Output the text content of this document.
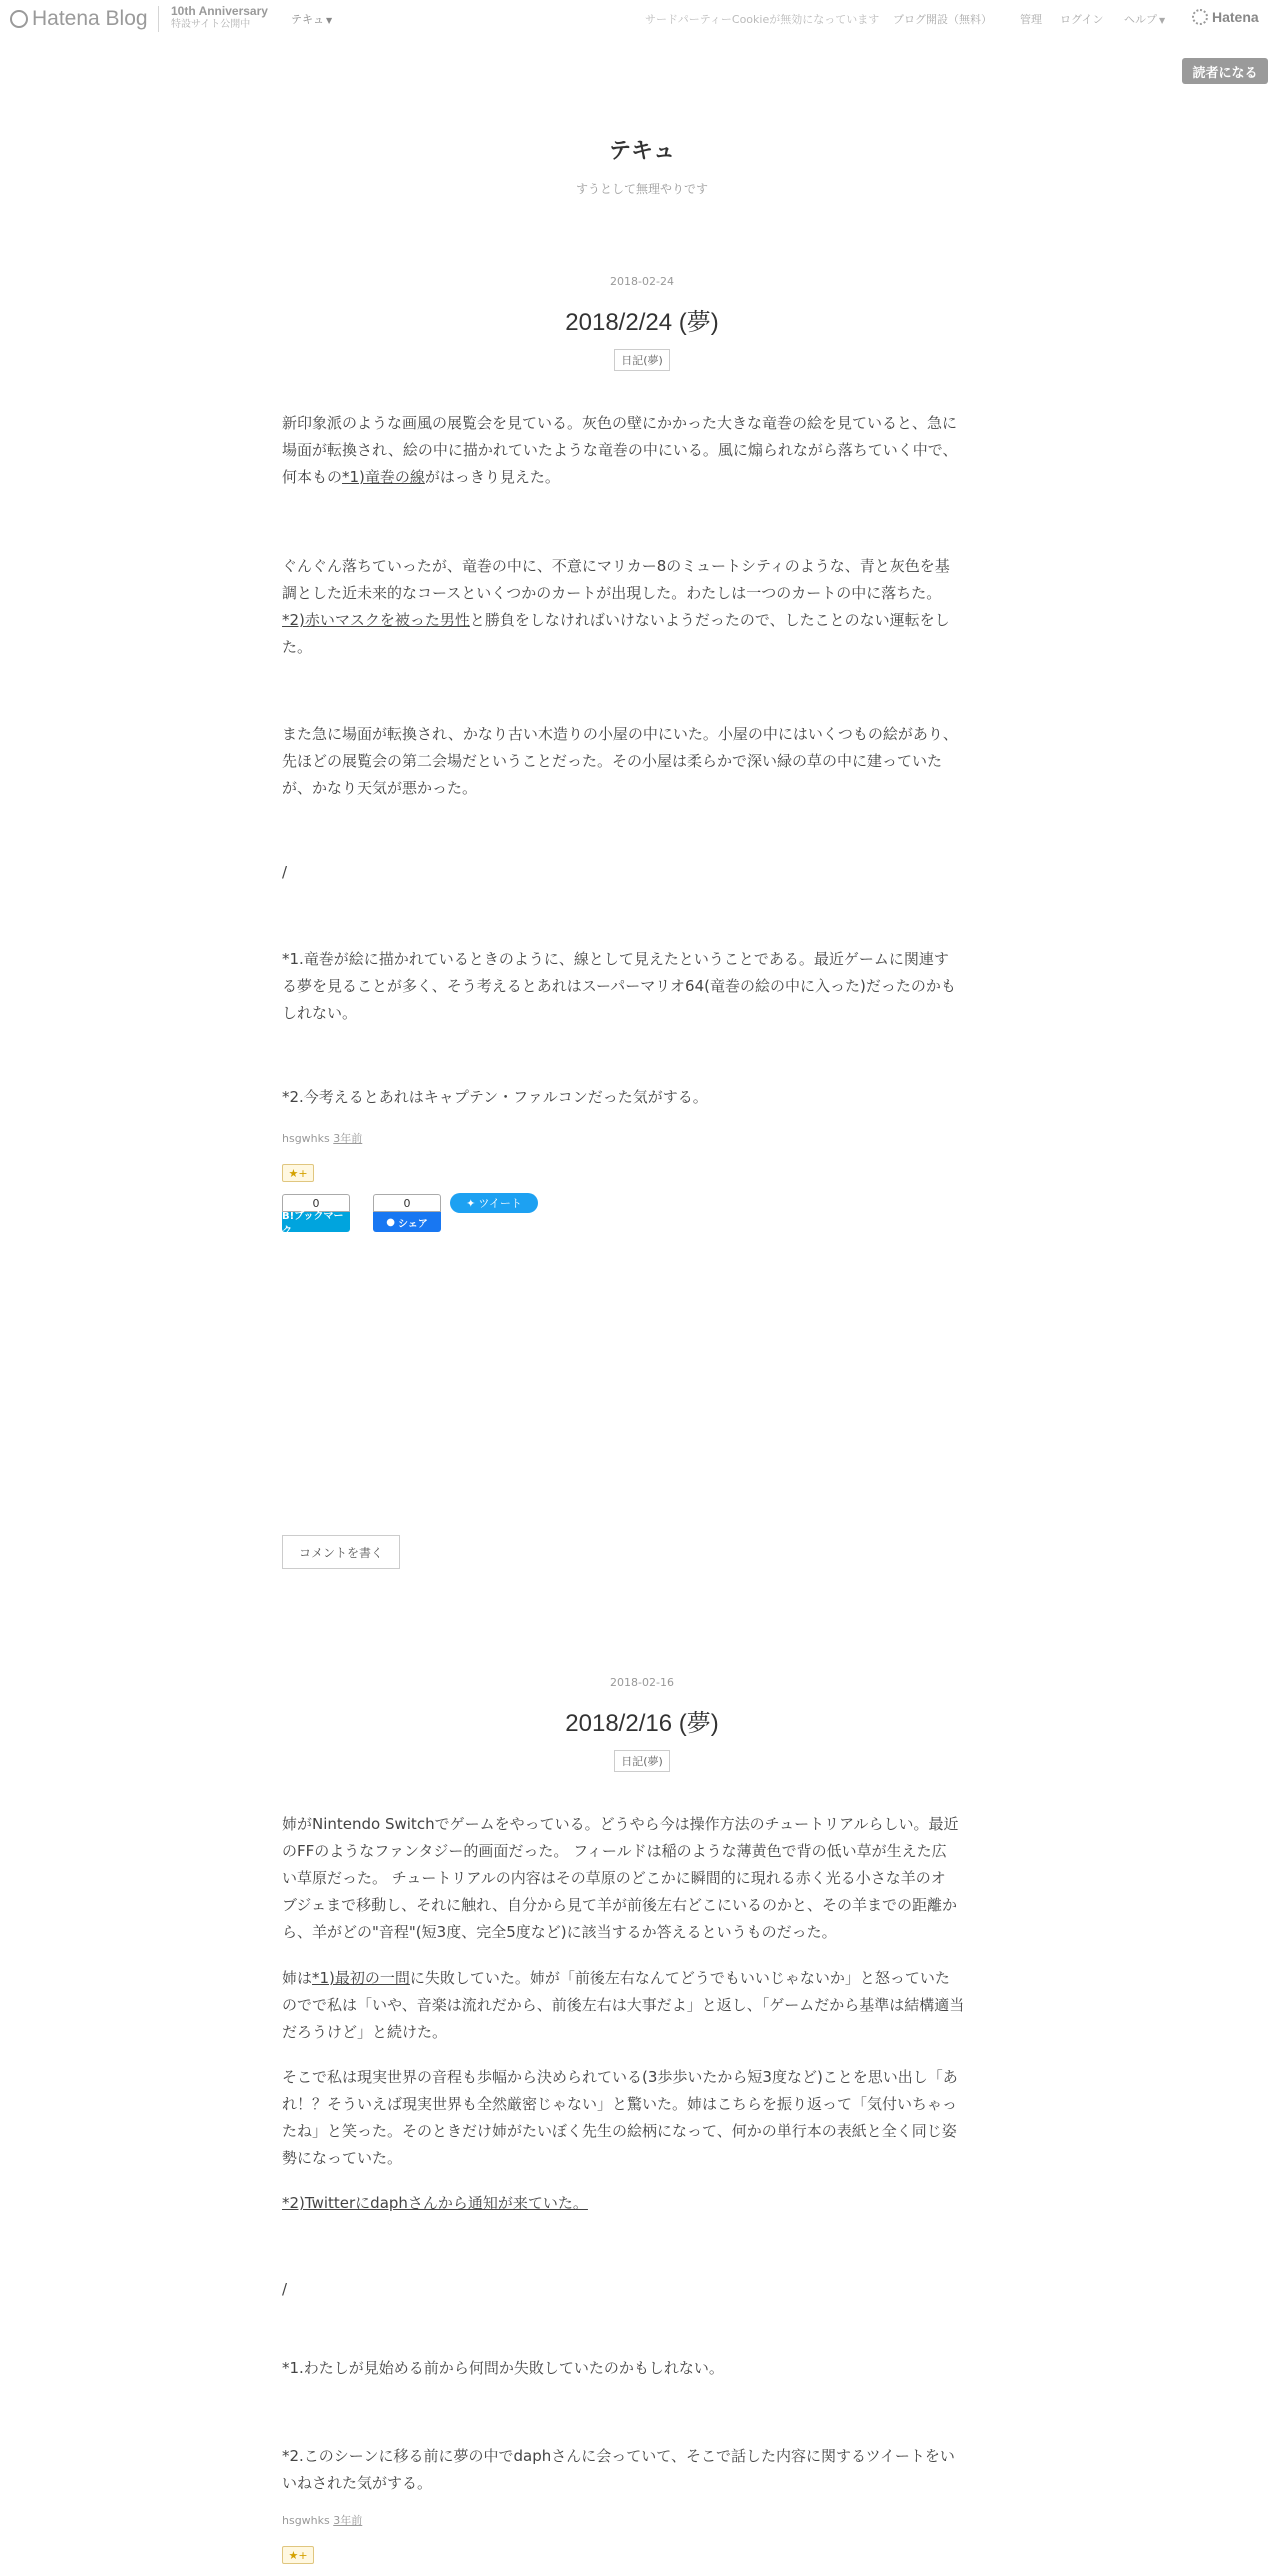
Hatena Blog 10th Anniversary
特設サイト公開中	テキュ ▼	サードパーティーCookieが無効になっています ブログ開設（無料）	管理 ログイン ヘルプ ▼	Hatena
読者になる
テキュ
すうとして無理やりです
2018-02-24
2018/2/24 (夢)
日記(夢)
新印象派のような画風の展覧会を見ている。灰色の壁にかかった大きな竜巻の絵を見ていると、急に
場面が転換され、絵の中に描かれていたような竜巻の中にいる。風に煽られながら落ちていく中で、
何本もの*1)竜巻の線がはっきり見えた。
ぐんぐん落ちていったが、竜巻の中に、不意にマリカー8のミュートシティのような、青と灰色を基
調とした近未来的なコースといくつかのカートが出現した。わたしは一つのカートの中に落ちた。
*2)赤いマスクを被った男性と勝負をしなければいけないようだったので、したことのない運転をし
た。
また急に場面が転換され、かなり古い木造りの小屋の中にいた。小屋の中にはいくつもの絵があり、
先ほどの展覧会の第二会場だということだった。その小屋は柔らかで深い緑の草の中に建っていた
が、かなり天気が悪かった。
/
*1.竜巻が絵に描かれているときのように、線として見えたということである。最近ゲームに関連す
る夢を見ることが多く、そう考えるとあれはスーパーマリオ64(竜巻の絵の中に入った)だったのかも
しれない。
*2.今考えるとあれはキャプテン・ファルコンだった気がする。
hsgwhks 3年前
★+
0
B!ブックマーク
0
● シェア
✦ ツイート
コメントを書く
2018-02-16
2018/2/16 (夢)
日記(夢)
姉がNintendo Switchでゲームをやっている。どうやら今は操作方法のチュートリアルらしい。最近
のFFのようなファンタジー的画面だった。 フィールドは稲のような薄黄色で背の低い草が生えた広
い草原だった。 チュートリアルの内容はその草原のどこかに瞬間的に現れる赤く光る小さな羊のオ
ブジェまで移動し、それに触れ、自分から見て羊が前後左右どこにいるのかと、その羊までの距離か
ら、羊がどの"音程"(短3度、完全5度など)に該当するか答えるというものだった。
姉は*1)最初の一問に失敗していた。姉が「前後左右なんてどうでもいいじゃないか」と怒っていた
のでで私は「いや、音楽は流れだから、前後左右は大事だよ」と返し、「ゲームだから基準は結構適当
だろうけど」と続けた。
そこで私は現実世界の音程も歩幅から決められている(3歩歩いたから短3度など)ことを思い出し「あ
れ！？そういえば現実世界も全然厳密じゃない」と驚いた。姉はこちらを振り返って「気付いちゃっ
たね」と笑った。そのときだけ姉がたいぼく先生の絵柄になって、何かの単行本の表紙と全く同じ姿
勢になっていた。
*2)Twitterにdaphさんから通知が来ていた。
/
*1.わたしが見始める前から何問か失敗していたのかもしれない。
*2.このシーンに移る前に夢の中でdaphさんに会っていて、そこで話した内容に関するツイートをい
いねされた気がする。
hsgwhks 3年前
★+
